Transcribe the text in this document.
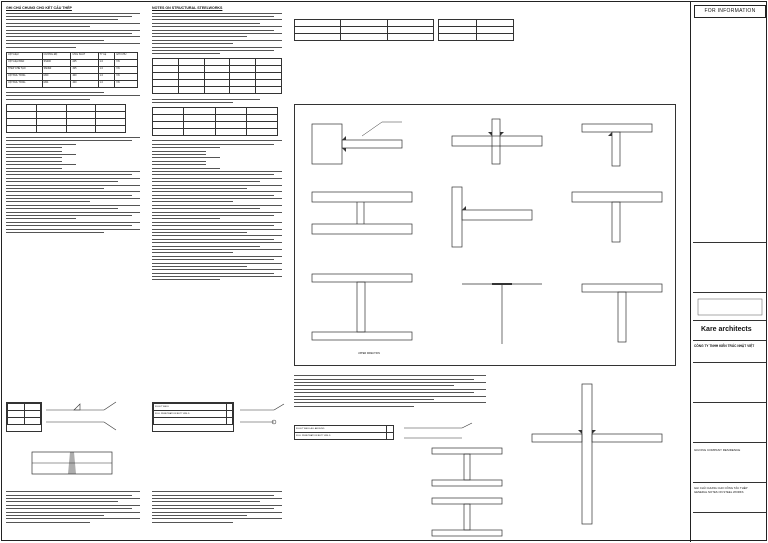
GHI CHÚ CHUNG CHO KẾT CẤU THÉP
VẬT LIỆU	CƯỜNG ĐỘ	ỨNG SUẤT	TỶ LỆ	GHI CHÚ
VẬT LIỆU BẢN	SS400	245	1.0	VN
THÉP CHẾ TẠO	SM490	325	1.0	VN
VẬT BUL TÔNG	M20	400	1.0	VN
VẬT BUL TÔNG	M24	400	1.0	VN

NOTES ON STRUCTURAL STEELWORKS

FILLET WELD	
FULL PENETRATION BUTT WELD	

UPPER DIRECTION
FILLET WELD ALL AROUND	
FULL PENETRATION BUTT WELD	
FOR INFORMATION
Kare architects
CÔNG TY TNHH KIẾN TRÚC NHẬT VIỆT
GIUONG COMPANY RESIDENCE
GHI CHÚ CHUNG CHO CÔNG TÁC THÉP
GENERAL NOTES ON STEEL WORKS
